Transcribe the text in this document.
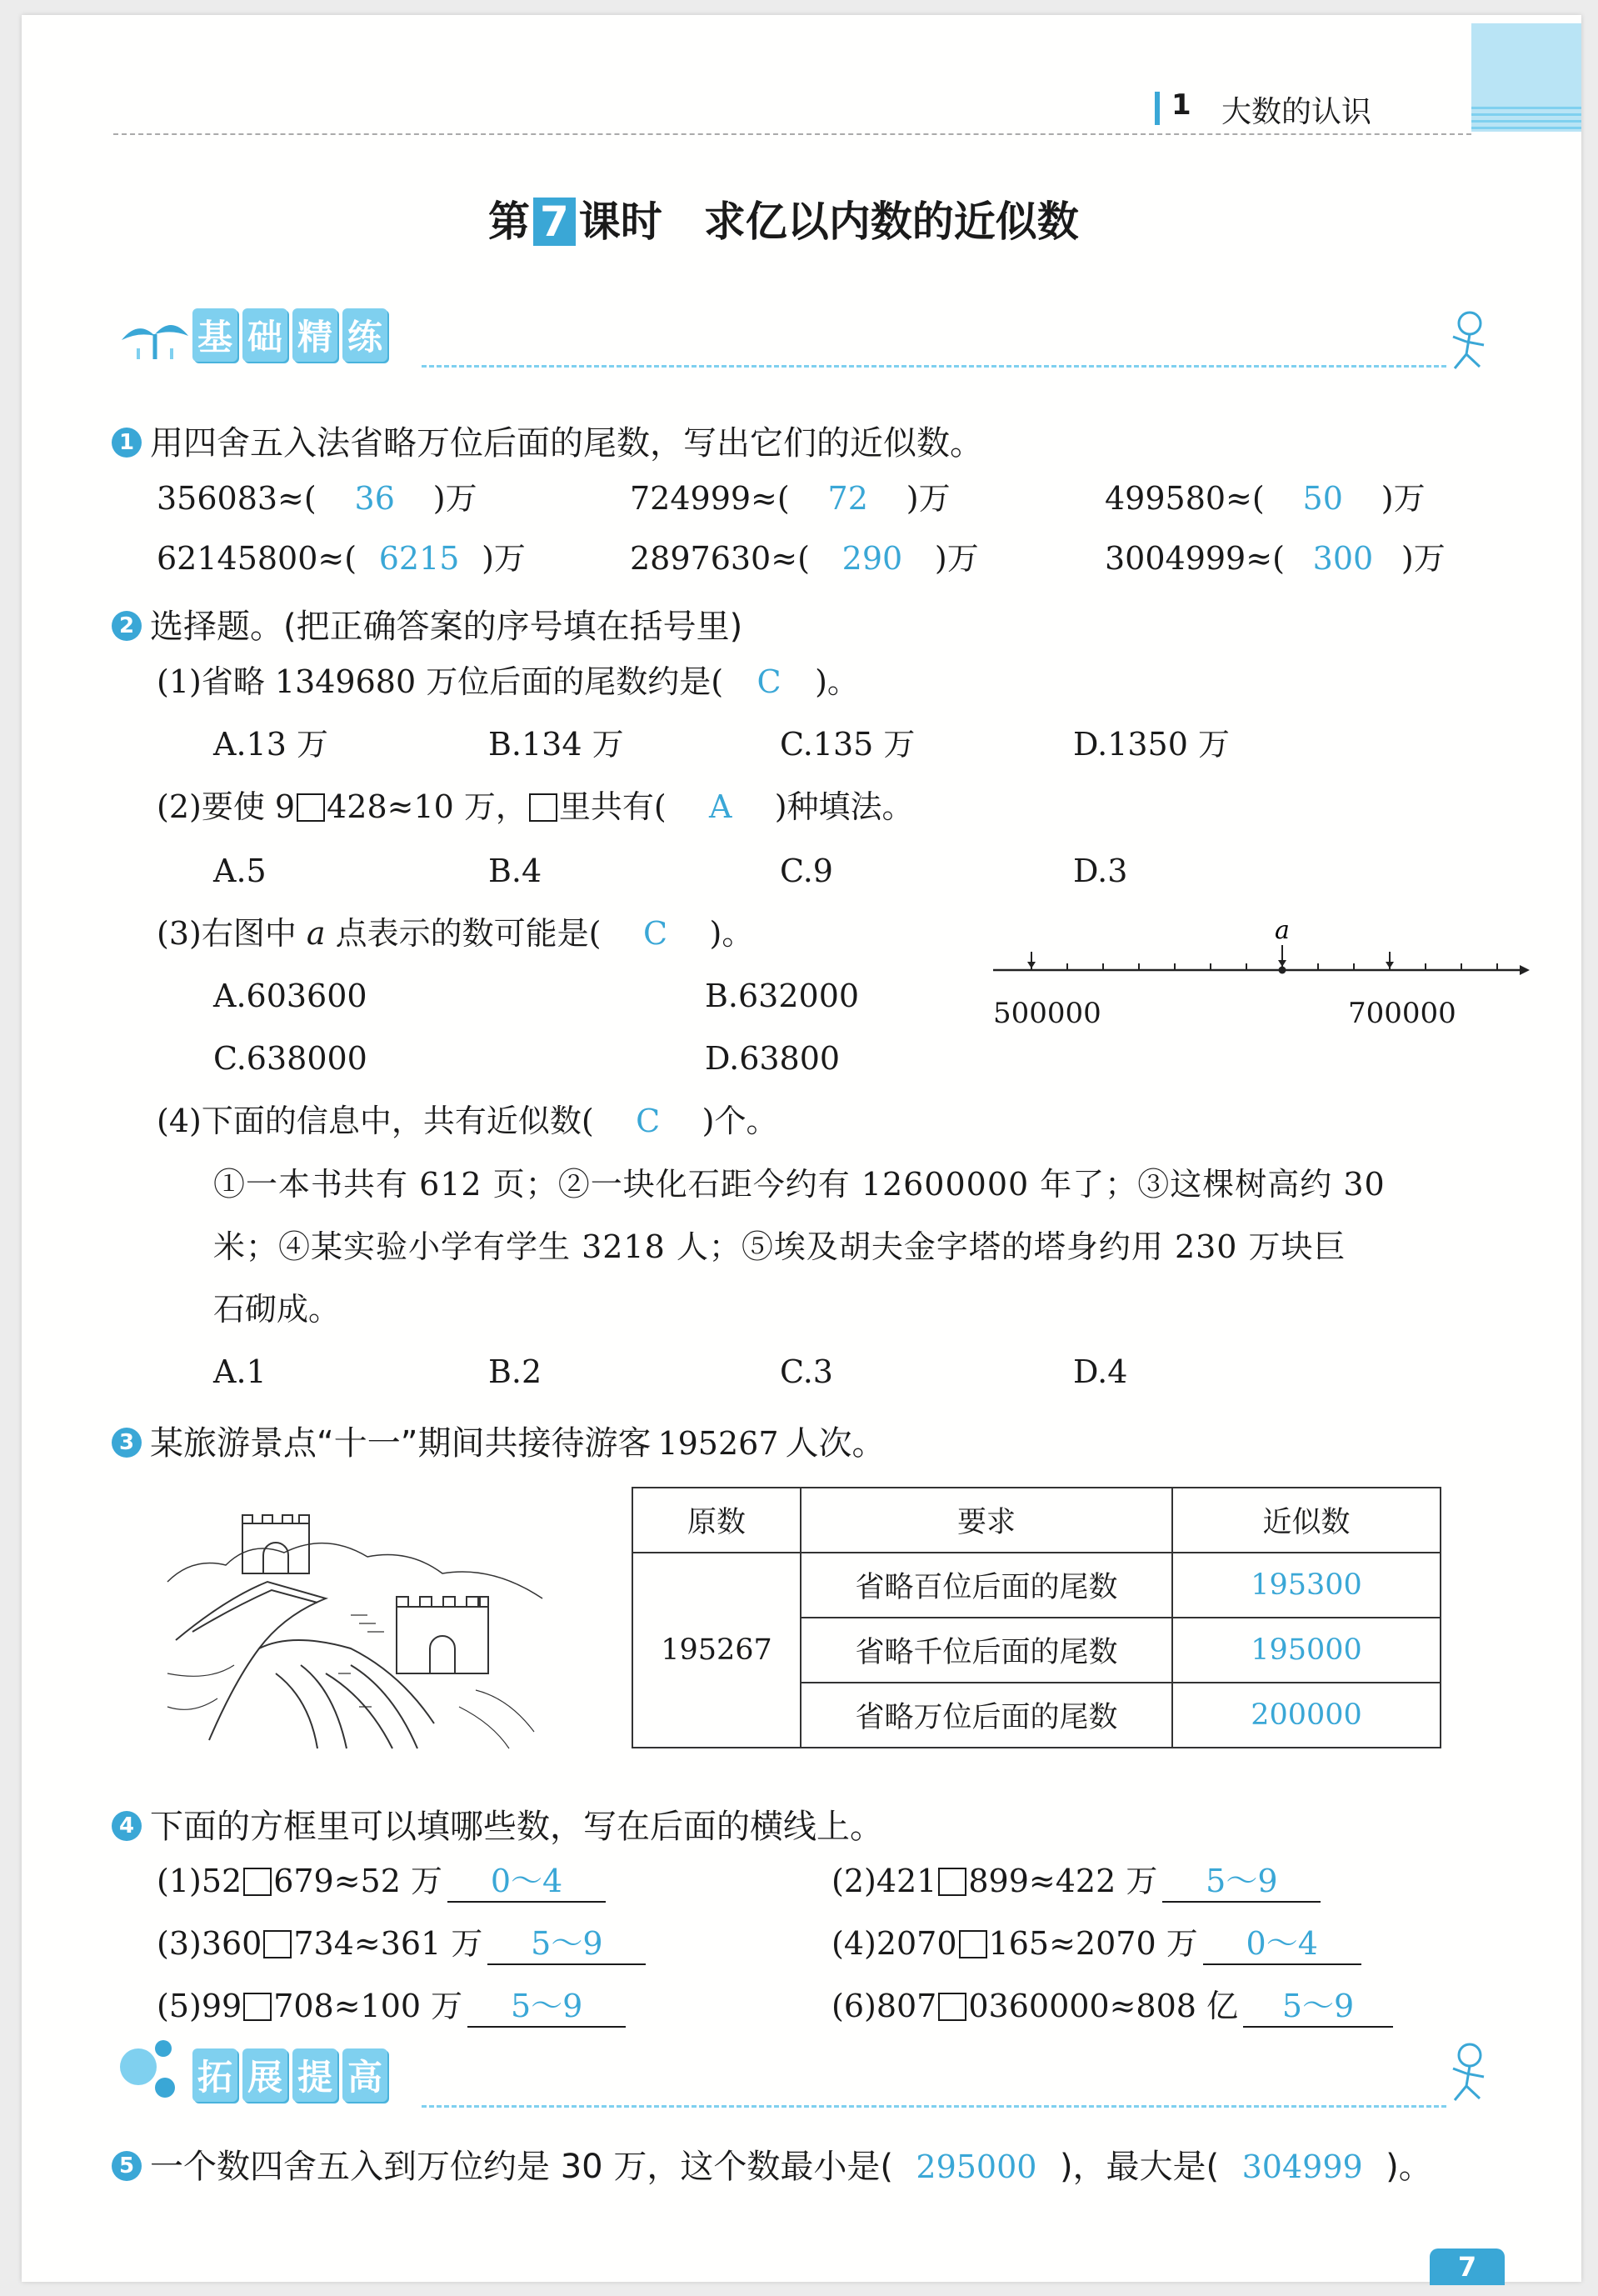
1 大数的认识
第 7 课时 求亿以内数的近似数
基 础 精 练
1 用四舍五入法省略万位后面的尾数，写出它们的近似数。
356083≈( 36 )万	724999≈( 72 )万	499580≈( 50 )万
62145800≈( 6215 )万	2897630≈( 290 )万	3004999≈( 300 )万
2 选择题。(把正确答案的序号填在括号里)
(1)省略 1349680 万位后面的尾数约是( C )。
A.13 万	B.134 万	C.135 万	D.1350 万
(2)要使 9 428≈10 万， 里共有( A )种填法。
A.5	B.4	C.9	D.3
(3)右图中 a 点表示的数可能是( C )。
A.603600	B.632000
C.638000	D.63800
a
500000	700000
(4)下面的信息中，共有近似数( C )个。
①一本书共有 612 页；②一块化石距今约有 12600000 年了；③这棵树高约 30
米；④某实验小学有学生 3218 人；⑤埃及胡夫金字塔的塔身约用 230 万块巨
石砌成。
A.1	B.2	C.3	D.4
3 某旅游景点“十一”期间共接待游客 195267 人次。
原数	要求	近似数
195267	省略百位后面的尾数	195300
	省略千位后面的尾数	195000
	省略万位后面的尾数	200000
4 下面的方框里可以填哪些数，写在后面的横线上。
(1)52 679≈52 万 0～4	(2)421 899≈422 万 5～9
(3)360 734≈361 万 5～9	(4)2070 165≈2070 万 0～4
(5)99 708≈100 万 5～9	(6)807 0360000≈808 亿 5～9
拓 展 提 高
5 一个数四舍五入到万位约是 30 万，这个数最小是( 295000 )，最大是( 304999 )。
7
